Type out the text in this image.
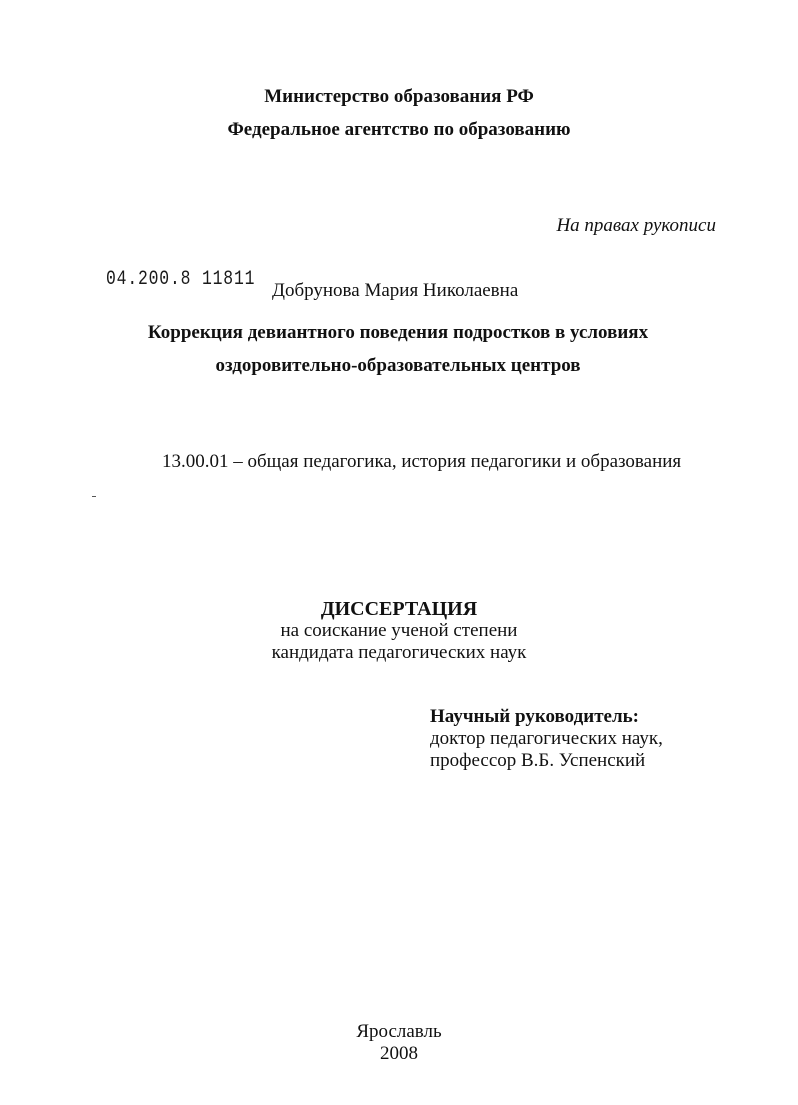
Министерство образования РФ
Федеральное агентство по образованию
На правах рукописи
04.200.8 11811 Добрунова Мария Николаевна
Коррекция девиантного поведения подростков в условиях
оздоровительно-образовательных центров
13.00.01 – общая педагогика, история педагогики и образования
ДИССЕРТАЦИЯ
на соискание ученой степени
кандидата педагогических наук
Научный руководитель:
доктор педагогических наук,
профессор В.Б. Успенский
Ярославль
2008
